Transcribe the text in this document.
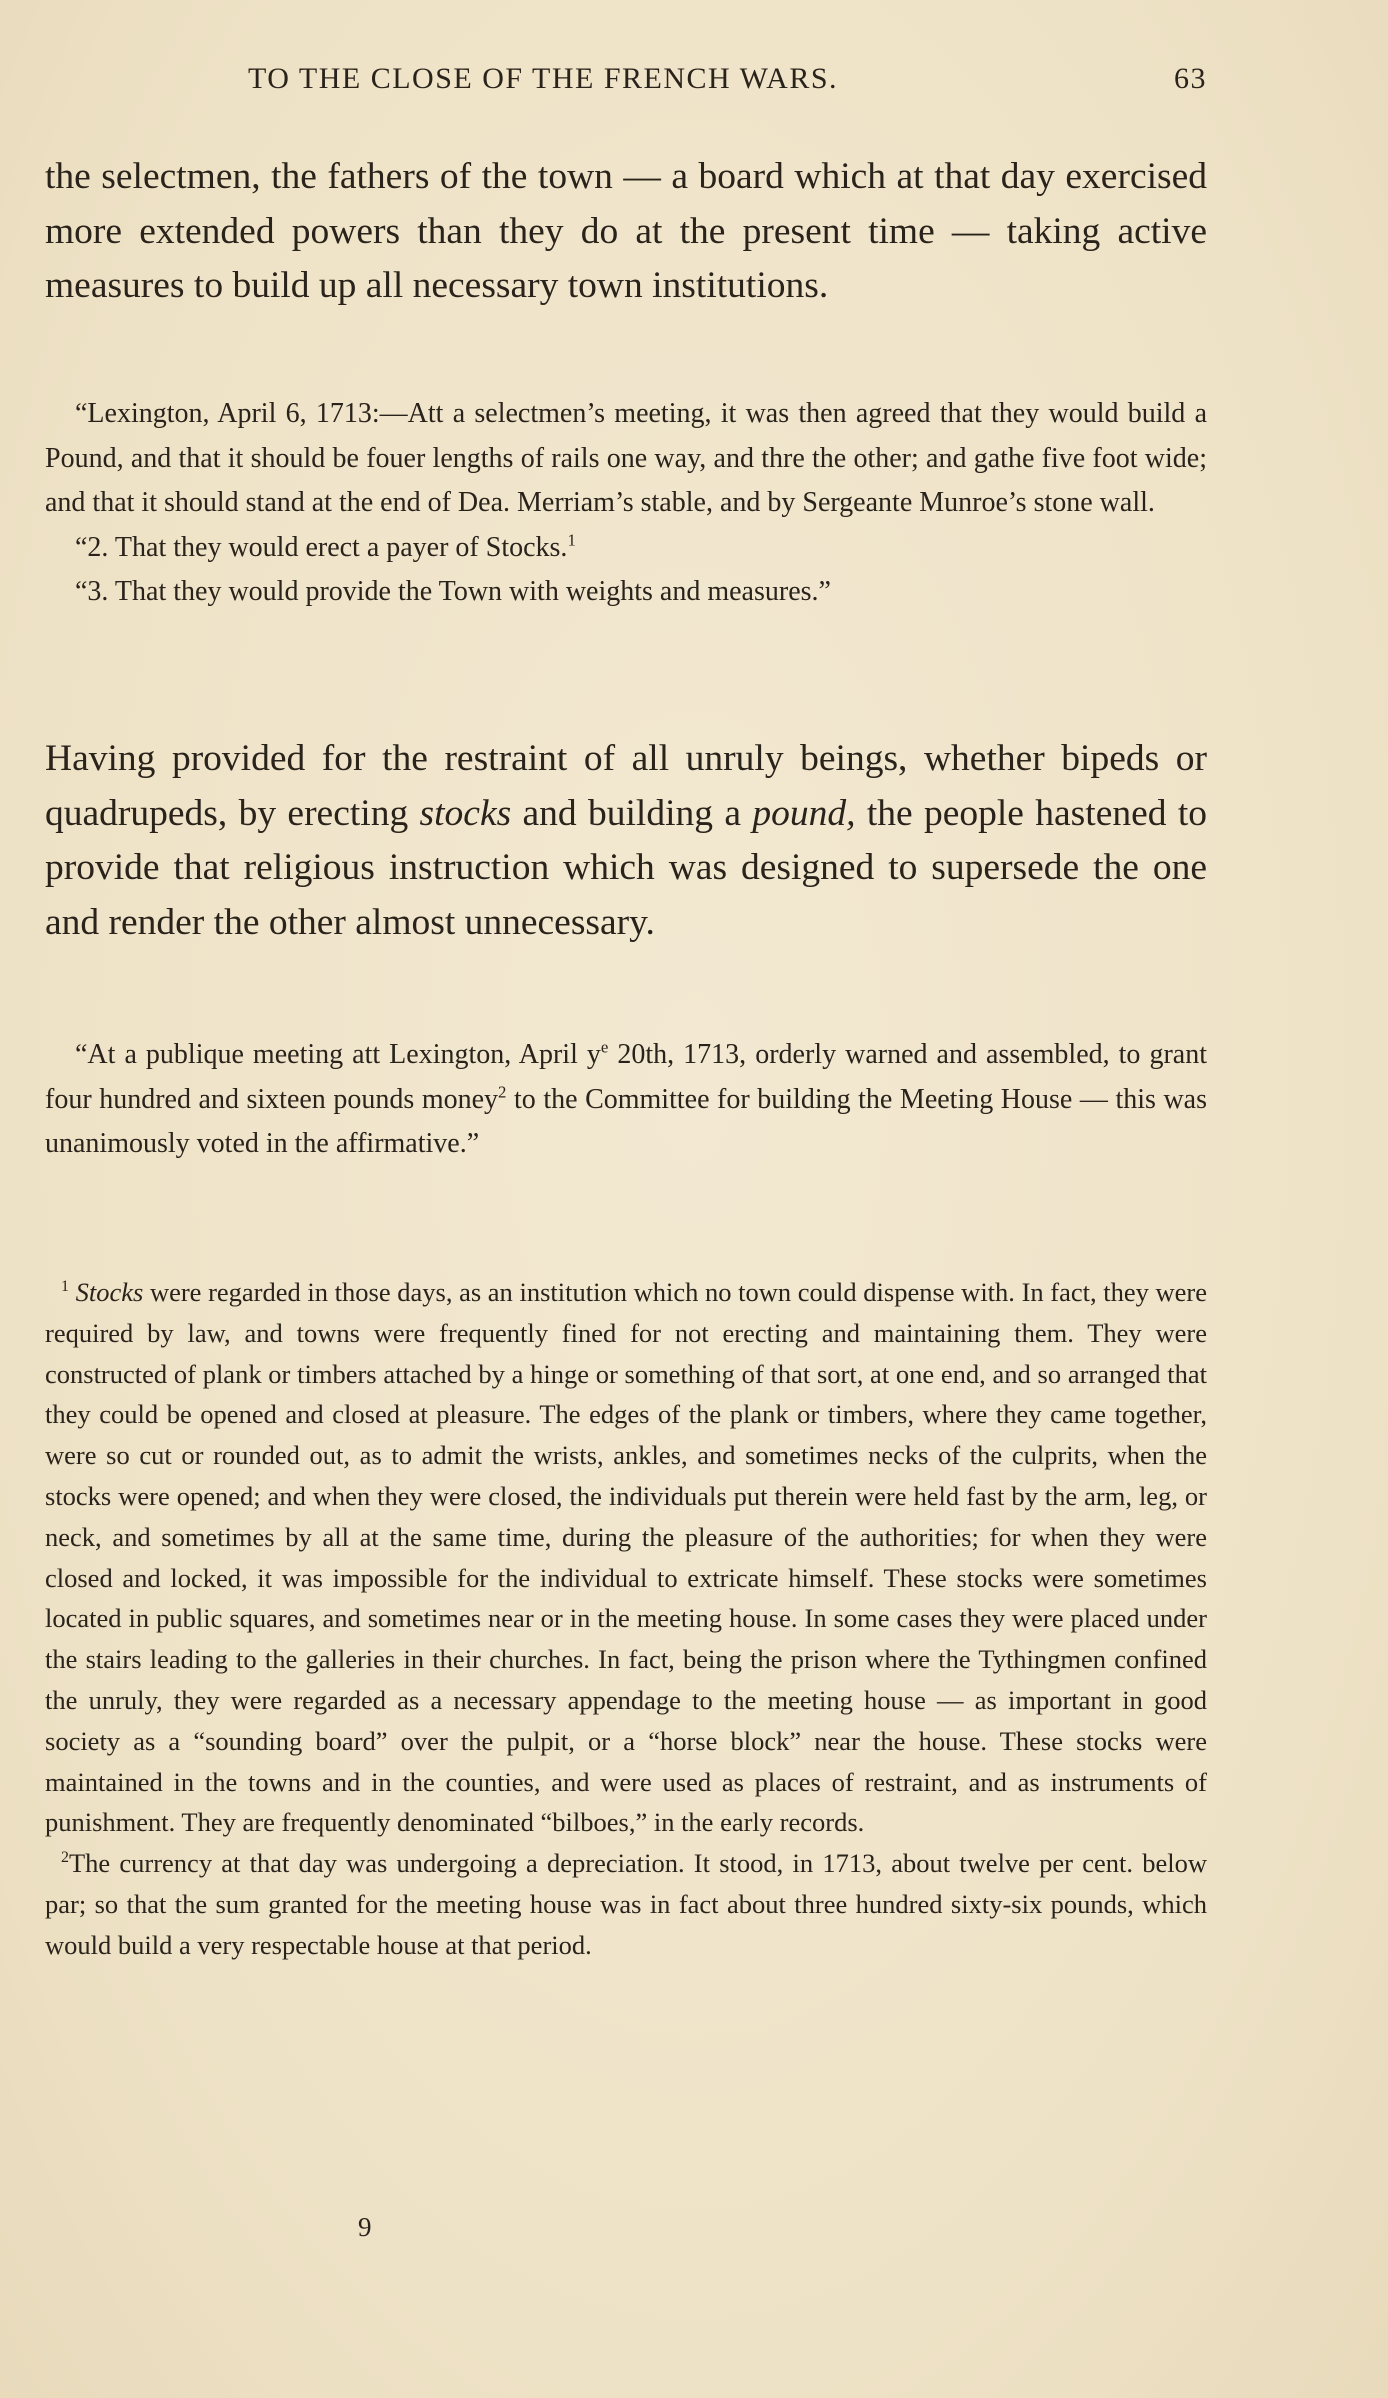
TO THE CLOSE OF THE FRENCH WARS.	63

the selectmen, the fathers of the town — a board which at that day exercised more extended powers than they do at the present time — taking active measures to build up all necessary town institutions.

“Lexington, April 6, 1713:—Att a selectmen’s meeting, it was then agreed that they would build a Pound, and that it should be fouer lengths of rails one way, and thre the other; and gathe five foot wide; and that it should stand at the end of Dea. Merriam’s stable, and by Sergeante Munroe’s stone wall.

“2. That they would erect a payer of Stocks.$^1$

“3. That they would provide the Town with weights and measures.”

Having provided for the restraint of all unruly beings, whether bipeds or quadrupeds, by erecting stocks and building a pound, the people hastened to provide that religious instruction which was designed to supersede the one and render the other almost unnecessary.

“At a publique meeting att Lexington, April $y^e$ 20th, 1713, orderly warned and assembled, to grant four hundred and sixteen pounds money$^2$ to the Committee for building the Meeting House — this was unanimously voted in the affirmative.”

$^1$ Stocks were regarded in those days, as an institution which no town could dispense with. In fact, they were required by law, and towns were frequently fined for not erecting and maintaining them. They were constructed of plank or timbers attached by a hinge or something of that sort, at one end, and so arranged that they could be opened and closed at pleasure. The edges of the plank or timbers, where they came together, were so cut or rounded out, as to admit the wrists, ankles, and sometimes necks of the culprits, when the stocks were opened; and when they were closed, the individuals put therein were held fast by the arm, leg, or neck, and sometimes by all at the same time, during the pleasure of the authorities; for when they were closed and locked, it was impossible for the individual to extricate himself. These stocks were sometimes located in public squares, and sometimes near or in the meeting house. In some cases they were placed under the stairs leading to the galleries in their churches. In fact, being the prison where the Tythingmen confined the unruly, they were regarded as a necessary appendage to the meeting house — as important in good society as a “sounding board” over the pulpit, or a “horse block” near the house. These stocks were maintained in the towns and in the counties, and were used as places of restraint, and as instruments of punishment. They are frequently denominated “bilboes,” in the early records.

$^2$The currency at that day was undergoing a depreciation. It stood, in 1713, about twelve per cent. below par; so that the sum granted for the meeting house was in fact about three hundred sixty-six pounds, which would build a very respectable house at that period.

9
